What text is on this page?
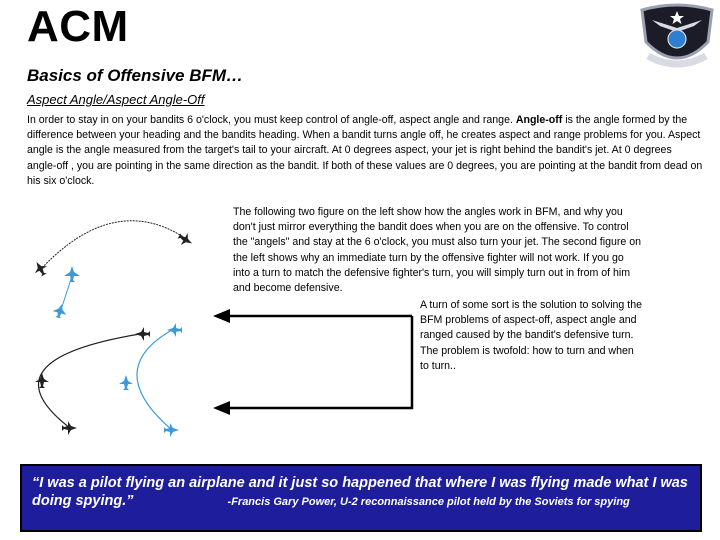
ACM
Basics of Offensive BFM…
Aspect Angle/Aspect Angle-Off
In order to stay in on your bandits 6 o'clock, you must keep control of angle-off, aspect angle and range. Angle-off is the angle formed by the difference between your heading and the bandits heading. When a bandit turns angle off, he creates aspect and range problems for you. Aspect angle is the angle measured from the target's tail to your aircraft. At 0 degrees aspect, your jet is right behind the bandit's jet. At 0 degrees angle-off , you are pointing in the same direction as the bandit. If both of these values are 0 degrees, you are pointing at the bandit from dead on his six o'clock.
The following two figure on the left show how the angles work in BFM, and why you don't just mirror everything the bandit does when you are on the offensive. To control the "angels" and stay at the 6 o'clock, you must also turn your jet. The second figure on the left shows why an immediate turn by the offensive fighter will not work. If you go into a turn to match the defensive fighter's turn, you will simply turn out in from of him and become defensive.
A turn of some sort is the solution to solving the BFM problems of aspect-off, aspect angle and ranged caused by the bandit's defensive turn. The problem is twofold: how to turn and when to turn..
“I was a pilot flying an airplane and it just so happened that where I was flying made what I was
doing spying.”	-Francis Gary Power, U-2 reconnaissance pilot held by the Soviets for spying
